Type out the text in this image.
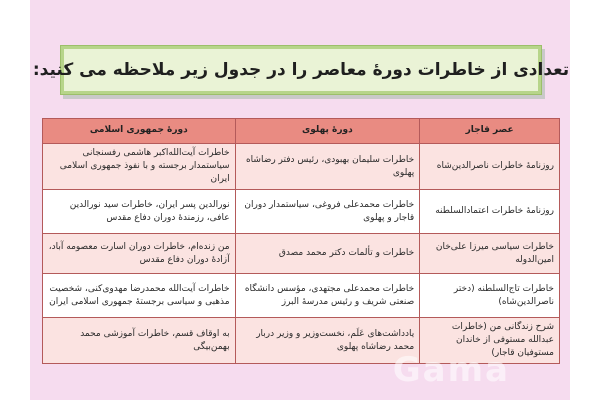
تعدادی از خاطرات دورهٔ معاصر را در جدول زیر ملاحظه می کنید:
عصر قاجار	دورهٔ پهلوی	دورهٔ جمهوری اسلامی
روزنامهٔ خاطرات ناصرالدین‌شاه	خاطرات سلیمان بهبودی، رئیس دفتر رضاشاه پهلوی	خاطرات آیت‌الله‌اکبر هاشمی رفسنجانی سیاستمدار برجسته و با نفوذ جمهوری اسلامی ایران
روزنامهٔ خاطرات اعتمادالسلطنه	خاطرات محمدعلی فروغی، سیاستمدار دوران قاجار و پهلوی	نورالدین پسر ایران، خاطرات سید نورالدین عافی، رزمندهٔ دوران دفاع مقدس
خاطرات سیاسی میرزا علی‌خان امین‌الدوله	خاطرات و تألمات دکتر محمد مصدق	من زنده‌ام، خاطرات دوران اسارت معصومه آباد، آزادهٔ دوران دفاع مقدس
خاطرات تاج‌السلطنه (دختر ناصرالدین‌شاه)	خاطرات محمدعلی مجتهدی، مؤسس دانشگاه صنعتی شریف و رئیس مدرسهٔ البرز	خاطرات آیت‌الله محمدرضا مهدوی‌کنی، شخصیت مذهبی و سیاسی برجستهٔ جمهوری اسلامی ایران
شرح زندگانی من (خاطرات عبدالله مستوفی از خاندان مستوفیان قاجار)	یادداشت‌های عَلَم، نخست‌وزیر و وزیر دربار محمد رضاشاه پهلوی	به اوقاف قسم، خاطرات آموزشی محمد بهمن‌بیگی
Gama
